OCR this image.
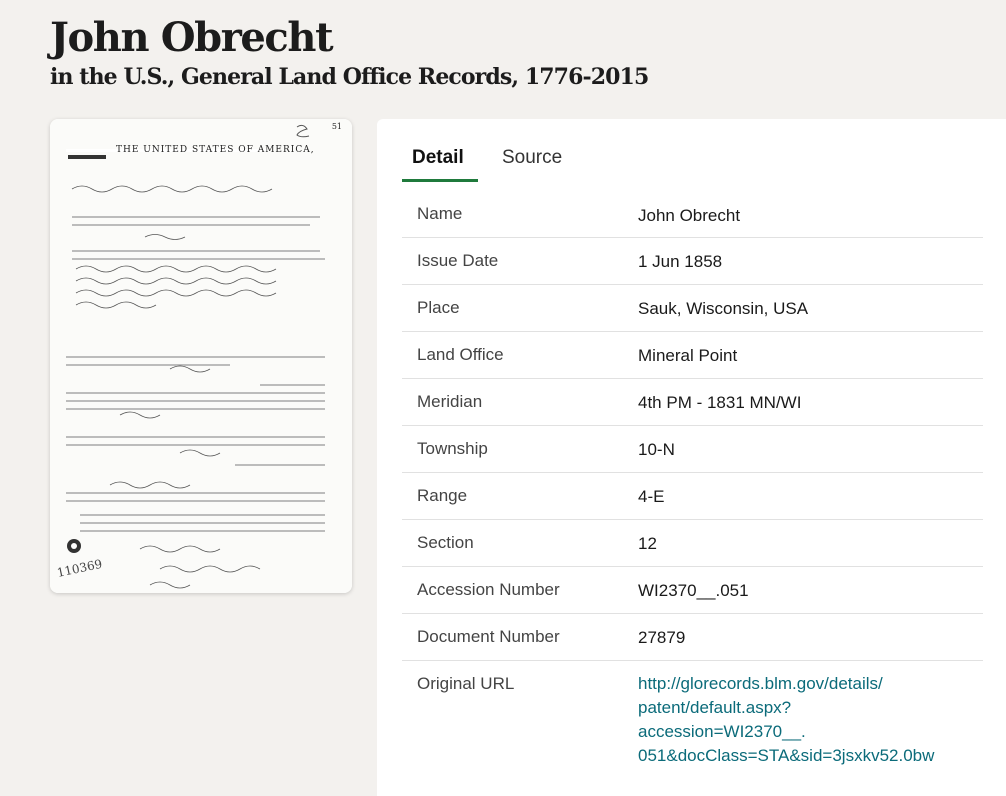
John Obrecht
in the U.S., General Land Office Records, 1776-2015
51
THE UNITED STATES OF AMERICA,
110369
Detail Source
Name	John Obrecht
Issue Date	1 Jun 1858
Place	Sauk, Wisconsin, USA
Land Office	Mineral Point
Meridian	4th PM - 1831 MN/WI
Township	10-N
Range	4-E
Section	12
Accession Number	WI2370__.051
Document Number	27879
Original URL	http://glorecords.blm.gov/details/
patent/default.aspx?
accession=WI2370__.
051&docClass=STA&sid=3jsxkv52.0bw
